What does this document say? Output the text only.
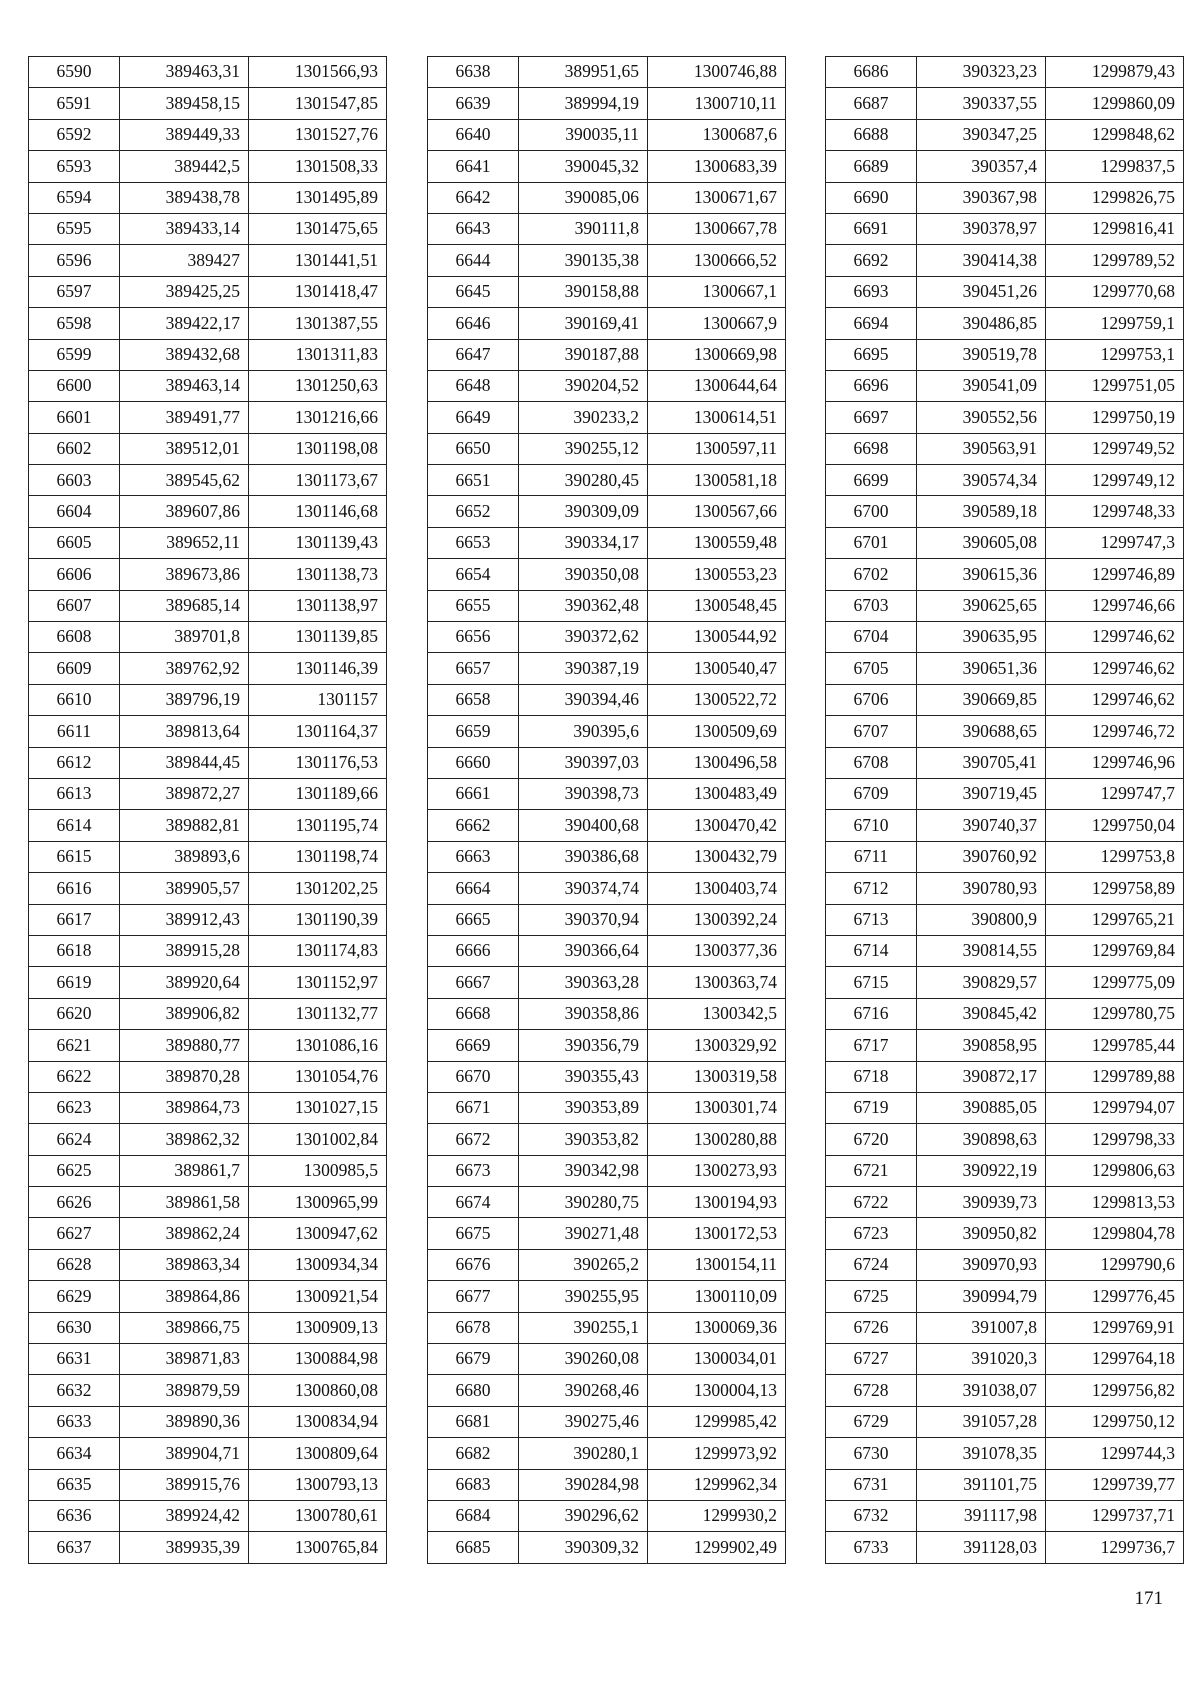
6590	389463,31	1301566,93
6591	389458,15	1301547,85
6592	389449,33	1301527,76
6593	389442,5	1301508,33
6594	389438,78	1301495,89
6595	389433,14	1301475,65
6596	389427	1301441,51
6597	389425,25	1301418,47
6598	389422,17	1301387,55
6599	389432,68	1301311,83
6600	389463,14	1301250,63
6601	389491,77	1301216,66
6602	389512,01	1301198,08
6603	389545,62	1301173,67
6604	389607,86	1301146,68
6605	389652,11	1301139,43
6606	389673,86	1301138,73
6607	389685,14	1301138,97
6608	389701,8	1301139,85
6609	389762,92	1301146,39
6610	389796,19	1301157
6611	389813,64	1301164,37
6612	389844,45	1301176,53
6613	389872,27	1301189,66
6614	389882,81	1301195,74
6615	389893,6	1301198,74
6616	389905,57	1301202,25
6617	389912,43	1301190,39
6618	389915,28	1301174,83
6619	389920,64	1301152,97
6620	389906,82	1301132,77
6621	389880,77	1301086,16
6622	389870,28	1301054,76
6623	389864,73	1301027,15
6624	389862,32	1301002,84
6625	389861,7	1300985,5
6626	389861,58	1300965,99
6627	389862,24	1300947,62
6628	389863,34	1300934,34
6629	389864,86	1300921,54
6630	389866,75	1300909,13
6631	389871,83	1300884,98
6632	389879,59	1300860,08
6633	389890,36	1300834,94
6634	389904,71	1300809,64
6635	389915,76	1300793,13
6636	389924,42	1300780,61
6637	389935,39	1300765,84
6638	389951,65	1300746,88
6639	389994,19	1300710,11
6640	390035,11	1300687,6
6641	390045,32	1300683,39
6642	390085,06	1300671,67
6643	390111,8	1300667,78
6644	390135,38	1300666,52
6645	390158,88	1300667,1
6646	390169,41	1300667,9
6647	390187,88	1300669,98
6648	390204,52	1300644,64
6649	390233,2	1300614,51
6650	390255,12	1300597,11
6651	390280,45	1300581,18
6652	390309,09	1300567,66
6653	390334,17	1300559,48
6654	390350,08	1300553,23
6655	390362,48	1300548,45
6656	390372,62	1300544,92
6657	390387,19	1300540,47
6658	390394,46	1300522,72
6659	390395,6	1300509,69
6660	390397,03	1300496,58
6661	390398,73	1300483,49
6662	390400,68	1300470,42
6663	390386,68	1300432,79
6664	390374,74	1300403,74
6665	390370,94	1300392,24
6666	390366,64	1300377,36
6667	390363,28	1300363,74
6668	390358,86	1300342,5
6669	390356,79	1300329,92
6670	390355,43	1300319,58
6671	390353,89	1300301,74
6672	390353,82	1300280,88
6673	390342,98	1300273,93
6674	390280,75	1300194,93
6675	390271,48	1300172,53
6676	390265,2	1300154,11
6677	390255,95	1300110,09
6678	390255,1	1300069,36
6679	390260,08	1300034,01
6680	390268,46	1300004,13
6681	390275,46	1299985,42
6682	390280,1	1299973,92
6683	390284,98	1299962,34
6684	390296,62	1299930,2
6685	390309,32	1299902,49
6686	390323,23	1299879,43
6687	390337,55	1299860,09
6688	390347,25	1299848,62
6689	390357,4	1299837,5
6690	390367,98	1299826,75
6691	390378,97	1299816,41
6692	390414,38	1299789,52
6693	390451,26	1299770,68
6694	390486,85	1299759,1
6695	390519,78	1299753,1
6696	390541,09	1299751,05
6697	390552,56	1299750,19
6698	390563,91	1299749,52
6699	390574,34	1299749,12
6700	390589,18	1299748,33
6701	390605,08	1299747,3
6702	390615,36	1299746,89
6703	390625,65	1299746,66
6704	390635,95	1299746,62
6705	390651,36	1299746,62
6706	390669,85	1299746,62
6707	390688,65	1299746,72
6708	390705,41	1299746,96
6709	390719,45	1299747,7
6710	390740,37	1299750,04
6711	390760,92	1299753,8
6712	390780,93	1299758,89
6713	390800,9	1299765,21
6714	390814,55	1299769,84
6715	390829,57	1299775,09
6716	390845,42	1299780,75
6717	390858,95	1299785,44
6718	390872,17	1299789,88
6719	390885,05	1299794,07
6720	390898,63	1299798,33
6721	390922,19	1299806,63
6722	390939,73	1299813,53
6723	390950,82	1299804,78
6724	390970,93	1299790,6
6725	390994,79	1299776,45
6726	391007,8	1299769,91
6727	391020,3	1299764,18
6728	391038,07	1299756,82
6729	391057,28	1299750,12
6730	391078,35	1299744,3
6731	391101,75	1299739,77
6732	391117,98	1299737,71
6733	391128,03	1299736,7
171
